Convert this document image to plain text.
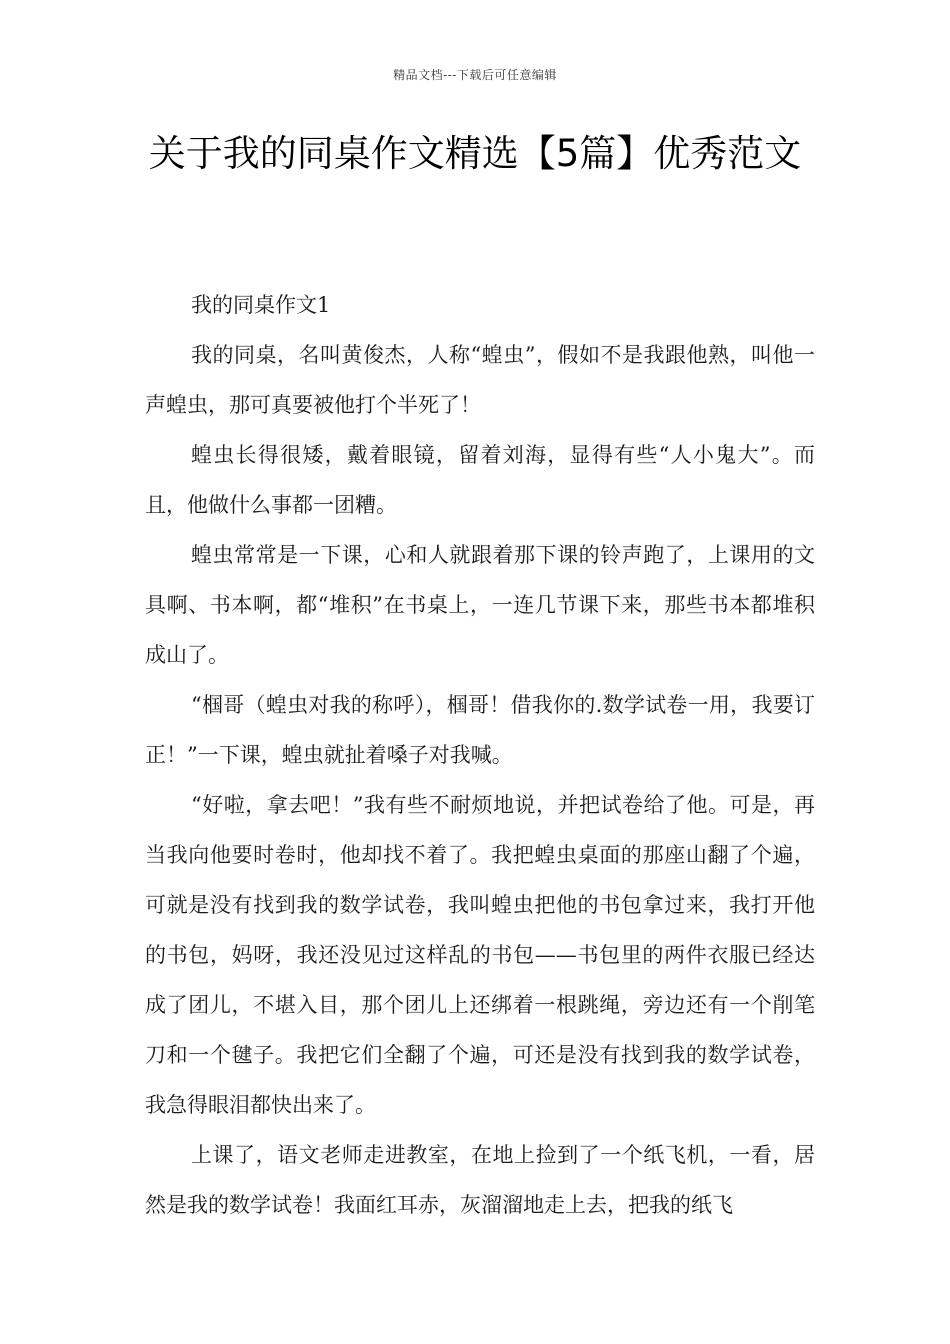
精品文档---下载后可任意编辑
关于我的同桌作文精选【5篇】优秀范文

我的同桌作文1

我的同桌，名叫黄俊杰，人称“蝗虫”，假如不是我跟他熟，叫他一声蝗虫，那可真要被他打个半死了！

蝗虫长得很矮，戴着眼镜，留着刘海，显得有些“人小鬼大”。而且，他做什么事都一团糟。

蝗虫常常是一下课，心和人就跟着那下课的铃声跑了，上课用的文具啊、书本啊，都“堆积”在书桌上，一连几节课下来，那些书本都堆积成山了。

“椢哥（蝗虫对我的称呼），椢哥！借我你的.数学试卷一用，我要订正！”一下课，蝗虫就扯着嗓子对我喊。

“好啦，拿去吧！”我有些不耐烦地说，并把试卷给了他。可是，再当我向他要时卷时，他却找不着了。我把蝗虫桌面的那座山翻了个遍，可就是没有找到我的数学试卷，我叫蝗虫把他的书包拿过来，我打开他的书包，妈呀，我还没见过这样乱的书包——书包里的两件衣服已经达成了团儿，不堪入目，那个团儿上还绑着一根跳绳，旁边还有一个削笔刀和一个毽子。我把它们全翻了个遍，可还是没有找到我的数学试卷，我急得眼泪都快出来了。

上课了，语文老师走进教室，在地上捡到了一个纸飞机，一看，居然是我的数学试卷！我面红耳赤，灰溜溜地走上去，把我的纸飞
